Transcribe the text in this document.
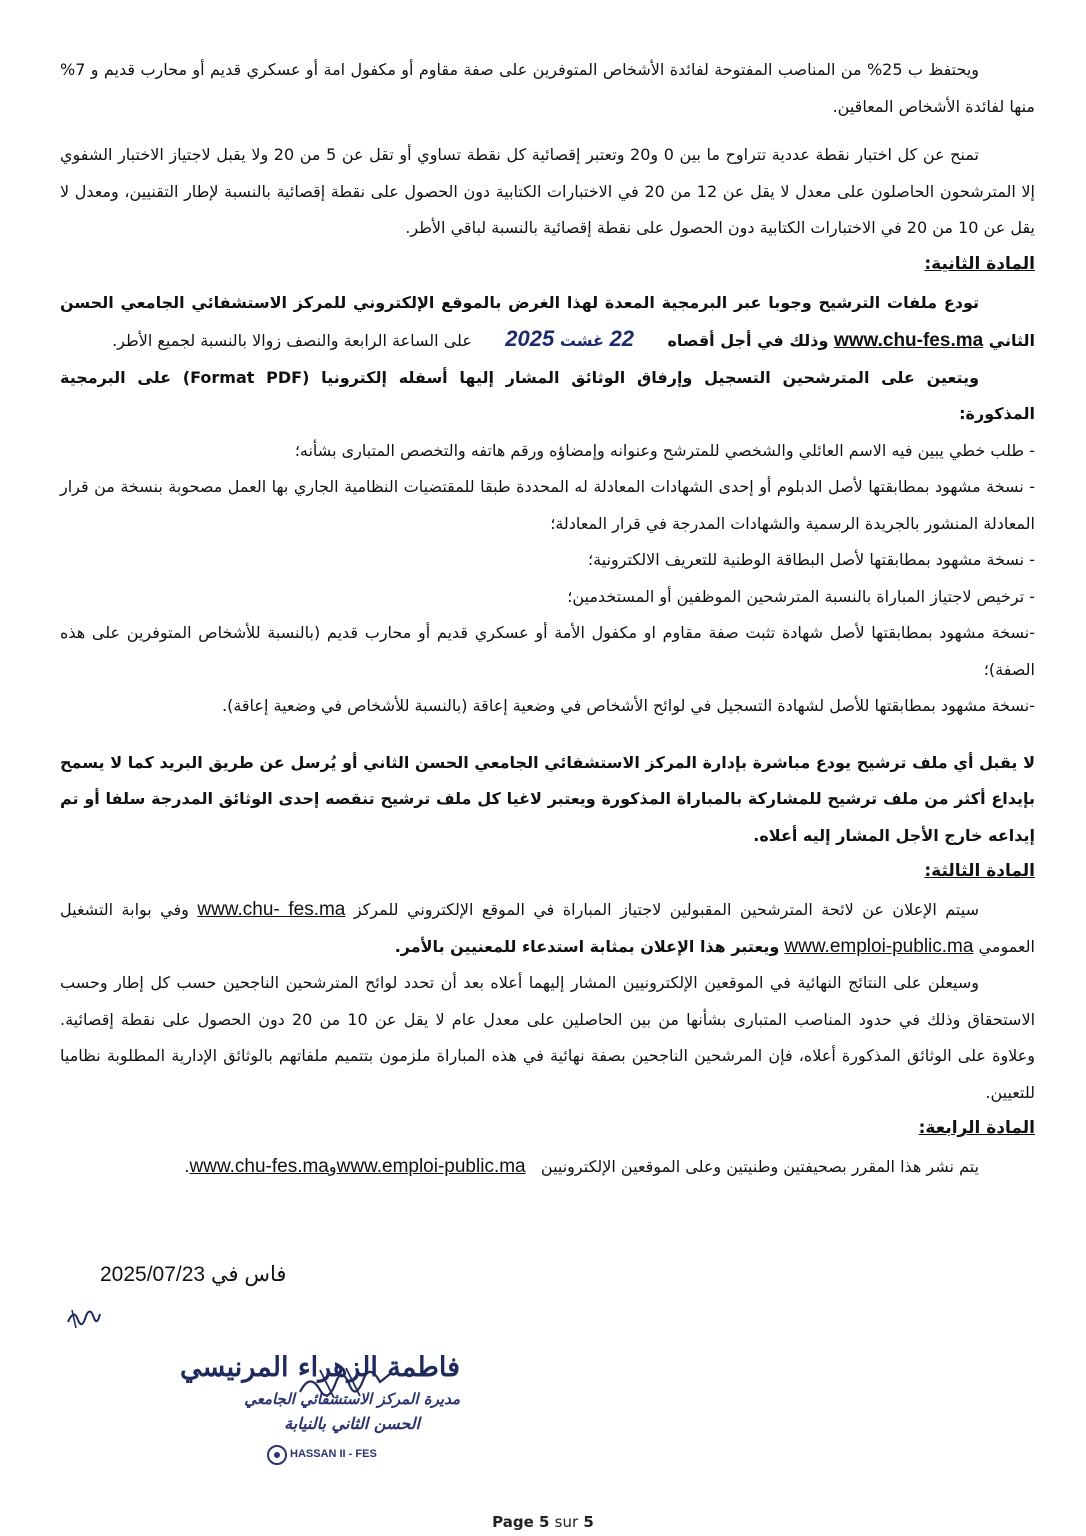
ويحتفظ ب 25% من المناصب المفتوحة لفائدة الأشخاص المتوفرين على صفة مقاوم أو مكفول امة أو عسكري قديم أو محارب قديم و 7% منها لفائدة الأشخاص المعاقين.

تمنح عن كل اختبار نقطة عددية تتراوح ما بين 0 و20 وتعتبر إقصائية كل نقطة تساوي أو تقل عن 5 من 20 ولا يقبل لاجتياز الاختبار الشفوي إلا المترشحون الحاصلون على معدل لا يقل عن 12 من 20 في الاختبارات الكتابية دون الحصول على نقطة إقصائية بالنسبة لإطار التقنيين، ومعدل لا يقل عن 10 من 20 في الاختبارات الكتابية دون الحصول على نقطة إقصائية بالنسبة لباقي الأطر.

المادة الثانية:

تودع ملفات الترشيح وجوبا عبر البرمجية المعدة لهذا الغرض بالموقع الإلكتروني للمركز الاستشفائي الجامعي الحسن الثاني www.chu-fes.ma وذلك في أجل أقصاه      22 غشت 2025      على الساعة الرابعة والنصف زوالا بالنسبة لجميع الأطر.

ويتعين على المترشحين التسجيل وإرفاق الوثائق المشار إليها أسفله إلكترونيا (Format PDF) على البرمجية المذكورة:

- طلب خطي يبين فيه الاسم العائلي والشخصي للمترشح وعنوانه وإمضاؤه ورقم هاتفه والتخصص المتبارى بشأنه؛

- نسخة مشهود بمطابقتها لأصل الدبلوم أو إحدى الشهادات المعادلة له المحددة طبقا للمقتضيات النظامية الجاري بها العمل مصحوبة بنسخة من قرار المعادلة المنشور بالجريدة الرسمية والشهادات المدرجة في قرار المعادلة؛

- نسخة مشهود بمطابقتها لأصل البطاقة الوطنية للتعريف الالكترونية؛

- ترخيص لاجتياز المباراة بالنسبة المترشحين الموظفين أو المستخدمين؛

-نسخة مشهود بمطابقتها لأصل شهادة تثبت صفة مقاوم او مكفول الأمة أو عسكري قديم أو محارب قديم (بالنسبة للأشخاص المتوفرين على هذه الصفة)؛

-نسخة مشهود بمطابقتها للأصل لشهادة التسجيل في لوائح الأشخاص في وضعية إعاقة (بالنسبة للأشخاص في وضعية إعاقة).

لا يقبل أي ملف ترشيح يودع مباشرة بإدارة المركز الاستشفائي الجامعي الحسن الثاني أو يُرسل عن طريق البريد كما لا يسمح بإيداع أكثر من ملف ترشيح للمشاركة بالمباراة المذكورة ويعتبر لاغيا كل ملف ترشيح تنقصه إحدى الوثائق المدرجة سلفا أو تم إيداعه خارج الأجل المشار إليه أعلاه.

المادة الثالثة:

سيتم الإعلان عن لائحة المترشحين المقبولين لاجتياز المباراة في الموقع الإلكتروني للمركز www.chu- fes.ma وفي بوابة التشغيل العمومي www.emploi-public.ma ويعتبر هذا الإعلان بمثابة استدعاء للمعنيين بالأمر.

وسيعلن على النتائج النهائية في الموقعين الإلكترونيين المشار إليهما أعلاه بعد أن تحدد لوائح المترشحين الناجحين حسب كل إطار وحسب الاستحقاق وذلك في حدود المناصب المتبارى بشأنها من بين الحاصلين على معدل عام لا يقل عن 10 من 20 دون الحصول على نقطة إقصائية. وعلاوة على الوثائق المذكورة أعلاه، فإن المرشحين الناجحين بصفة نهائية في هذه المباراة ملزمون بتتميم ملفاتهم بالوثائق الإدارية المطلوبة نظاميا للتعيين.

المادة الرابعة:

يتم نشر هذا المقرر بصحيفتين وطنيتين وعلى الموقعين الإلكترونيين   www.emploi-public.maوwww.chu-fes.ma.

فاس في 2025/07/23
فاطمة الزهراء المرنيسي
مديرة المركز الاستشفائي الجامعي
الحسن الثاني بالنيابة
HASSAN II - FES
Page 5 sur 5
